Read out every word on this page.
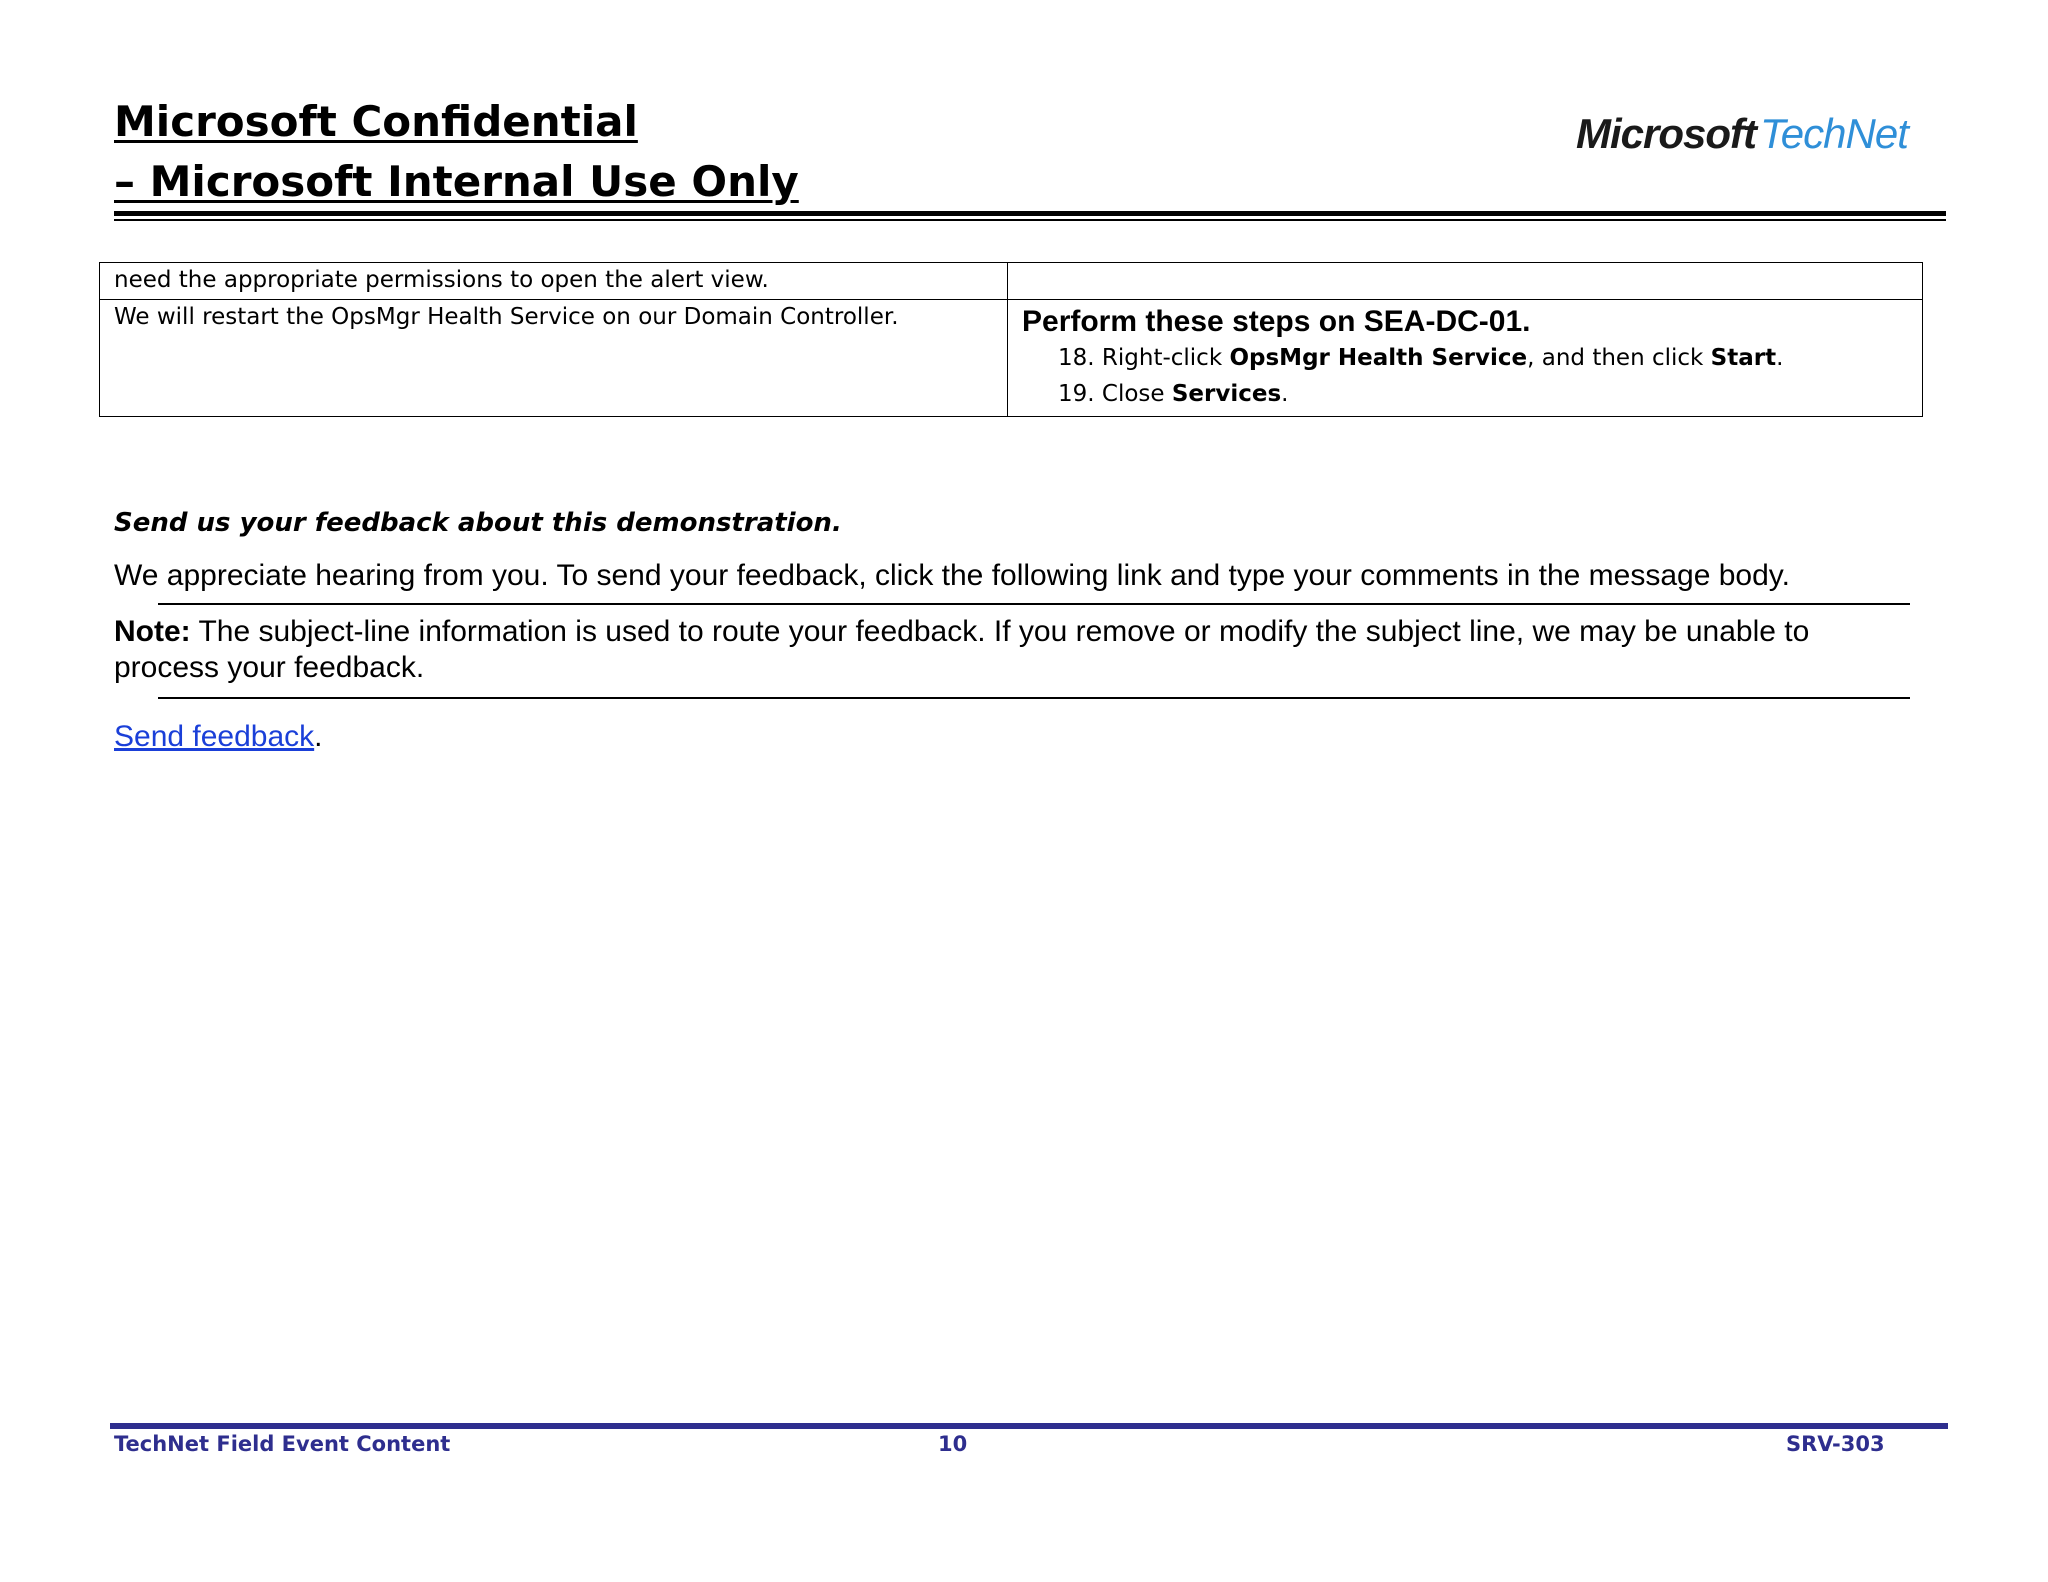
Microsoft Confidential
– Microsoft Internal Use Only
MicrosoftTechNet
need the appropriate permissions to open the alert view.	
We will restart the OpsMgr Health Service on our Domain Controller.	Perform these steps on SEA-DC-01.
18. Right-click OpsMgr Health Service, and then click Start.
19. Close Services.
Send us your feedback about this demonstration.
We appreciate hearing from you. To send your feedback, click the following link and type your comments in the message body.
Note: The subject-line information is used to route your feedback. If you remove or modify the subject line, we may be unable to process your feedback.
Send feedback.
TechNet Field Event Content	10	SRV-303
